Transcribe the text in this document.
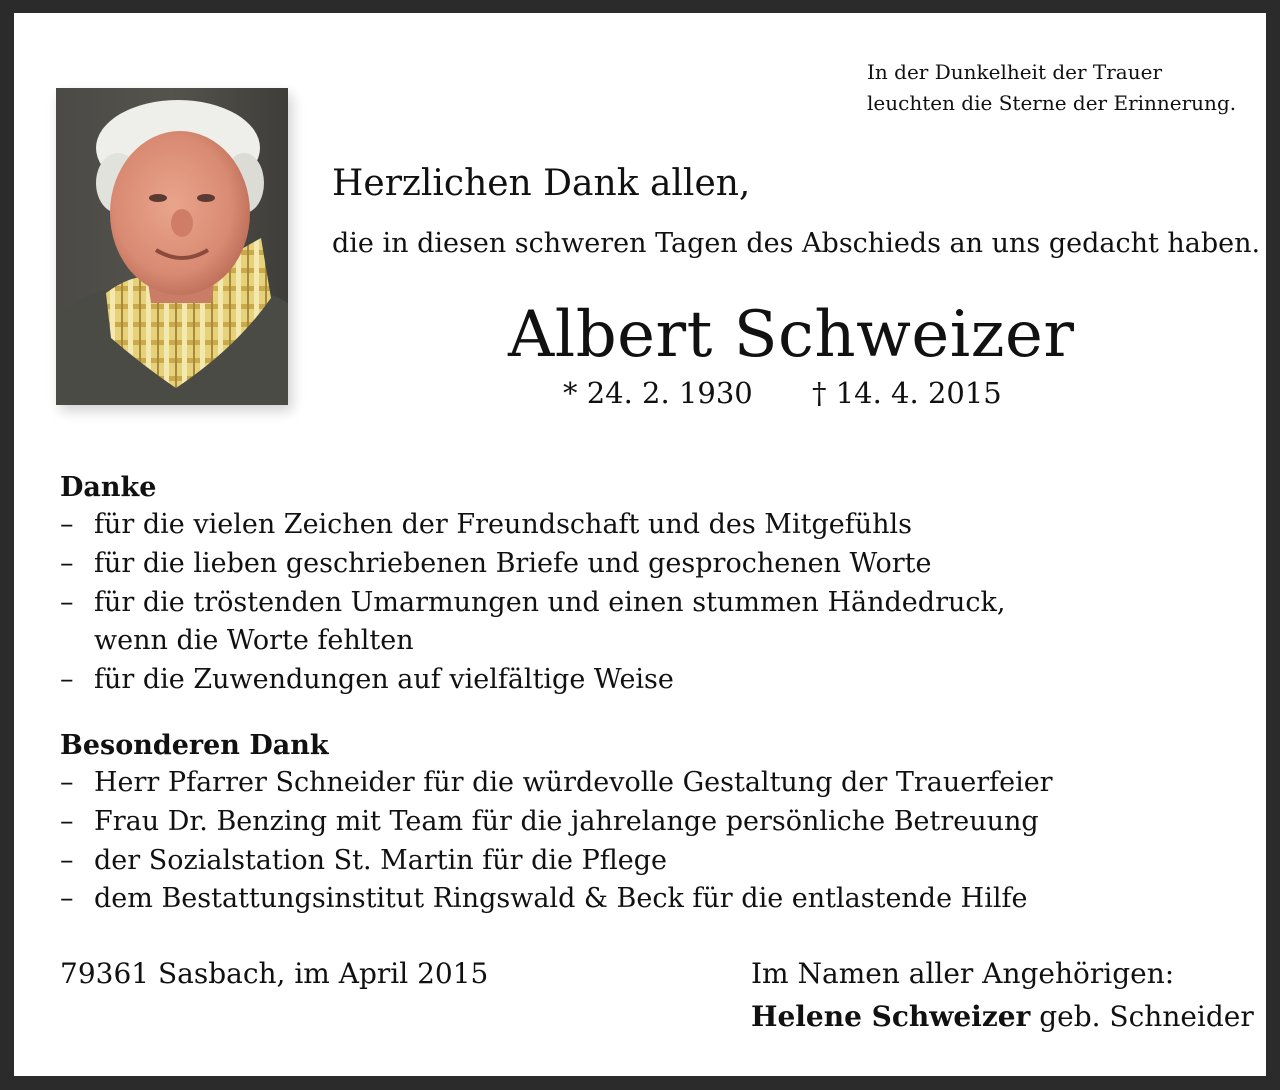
In der Dunkelheit der Trauer
leuchten die Sterne der Erinnerung.
Herzlichen Dank allen,
die in diesen schweren Tagen des Abschieds an uns gedacht haben.
Albert Schweizer
* 24. 2. 1930 † 14. 4. 2015
Danke
– für die vielen Zeichen der Freundschaft und des Mitgefühls
– für die lieben geschriebenen Briefe und gesprochenen Worte
– für die tröstenden Umarmungen und einen stummen Händedruck,
wenn die Worte fehlten
– für die Zuwendungen auf vielfältige Weise
Besonderen Dank
– Herr Pfarrer Schneider für die würdevolle Gestaltung der Trauerfeier
– Frau Dr. Benzing mit Team für die jahrelange persönliche Betreuung
– der Sozialstation St. Martin für die Pflege
– dem Bestattungsinstitut Ringswald & Beck für die entlastende Hilfe
79361 Sasbach, im April 2015	Im Namen aller Angehörigen:
Helene Schweizer geb. Schneider
